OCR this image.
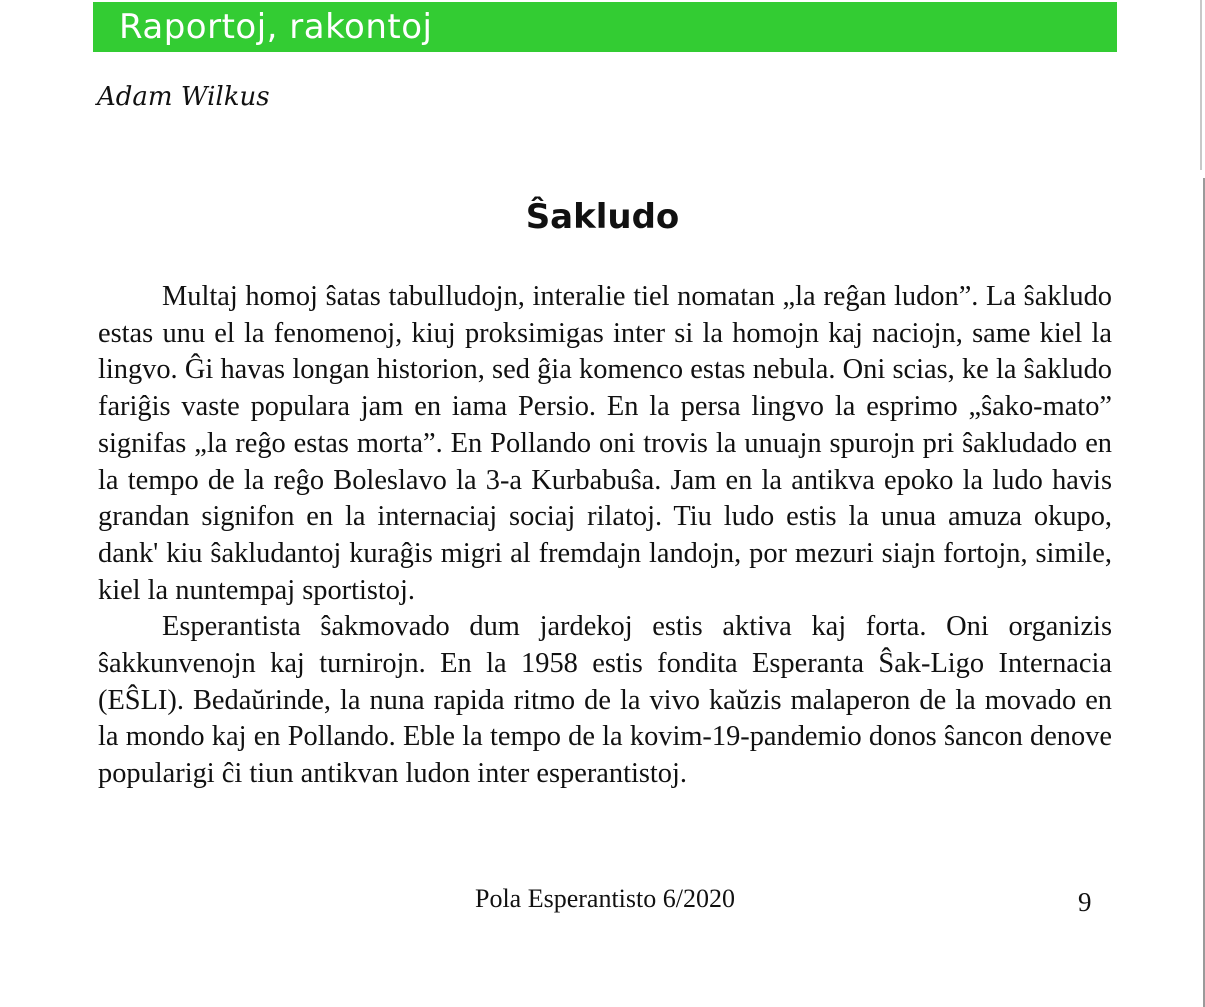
Raportoj, rakontoj
Adam Wilkus
Ŝakludo

Multaj homoj ŝatas tabulludojn, interalie tiel nomatan „la reĝan ludon”. La ŝakludo estas unu el la fenomenoj, kiuj proksimigas inter si la homojn kaj naciojn, same kiel la lingvo. Ĝi havas longan historion, sed ĝia komenco estas nebula. Oni scias, ke la ŝakludo fariĝis vaste populara jam en iama Persio. En la persa lingvo la esprimo „ŝako-mato” signifas „la reĝo estas morta”. En Pollando oni trovis la unuajn spurojn pri ŝakludado en la tempo de la reĝo Boleslavo la 3-a Kurbabuŝa. Jam en la antikva epoko la ludo havis grandan signifon en la internaciaj sociaj rilatoj. Tiu ludo estis la unua amuza okupo, dank' kiu ŝakludantoj kuraĝis migri al fremdajn landojn, por mezuri siajn fortojn, simile, kiel la nuntempaj sportistoj.

Esperantista ŝakmovado dum jardekoj estis aktiva kaj forta. Oni organizis ŝakkunvenojn kaj turnirojn. En la 1958 estis fondita Esperanta Ŝak-Ligo Internacia (EŜLI). Bedaŭrinde, la nuna rapida ritmo de la vivo kaŭzis malaperon de la movado en la mondo kaj en Pollando. Eble la tempo de la kovim-19-pandemio donos ŝancon denove popularigi ĉi tiun antikvan ludon inter esperantistoj.

Pola Esperantisto 6/2020	9
